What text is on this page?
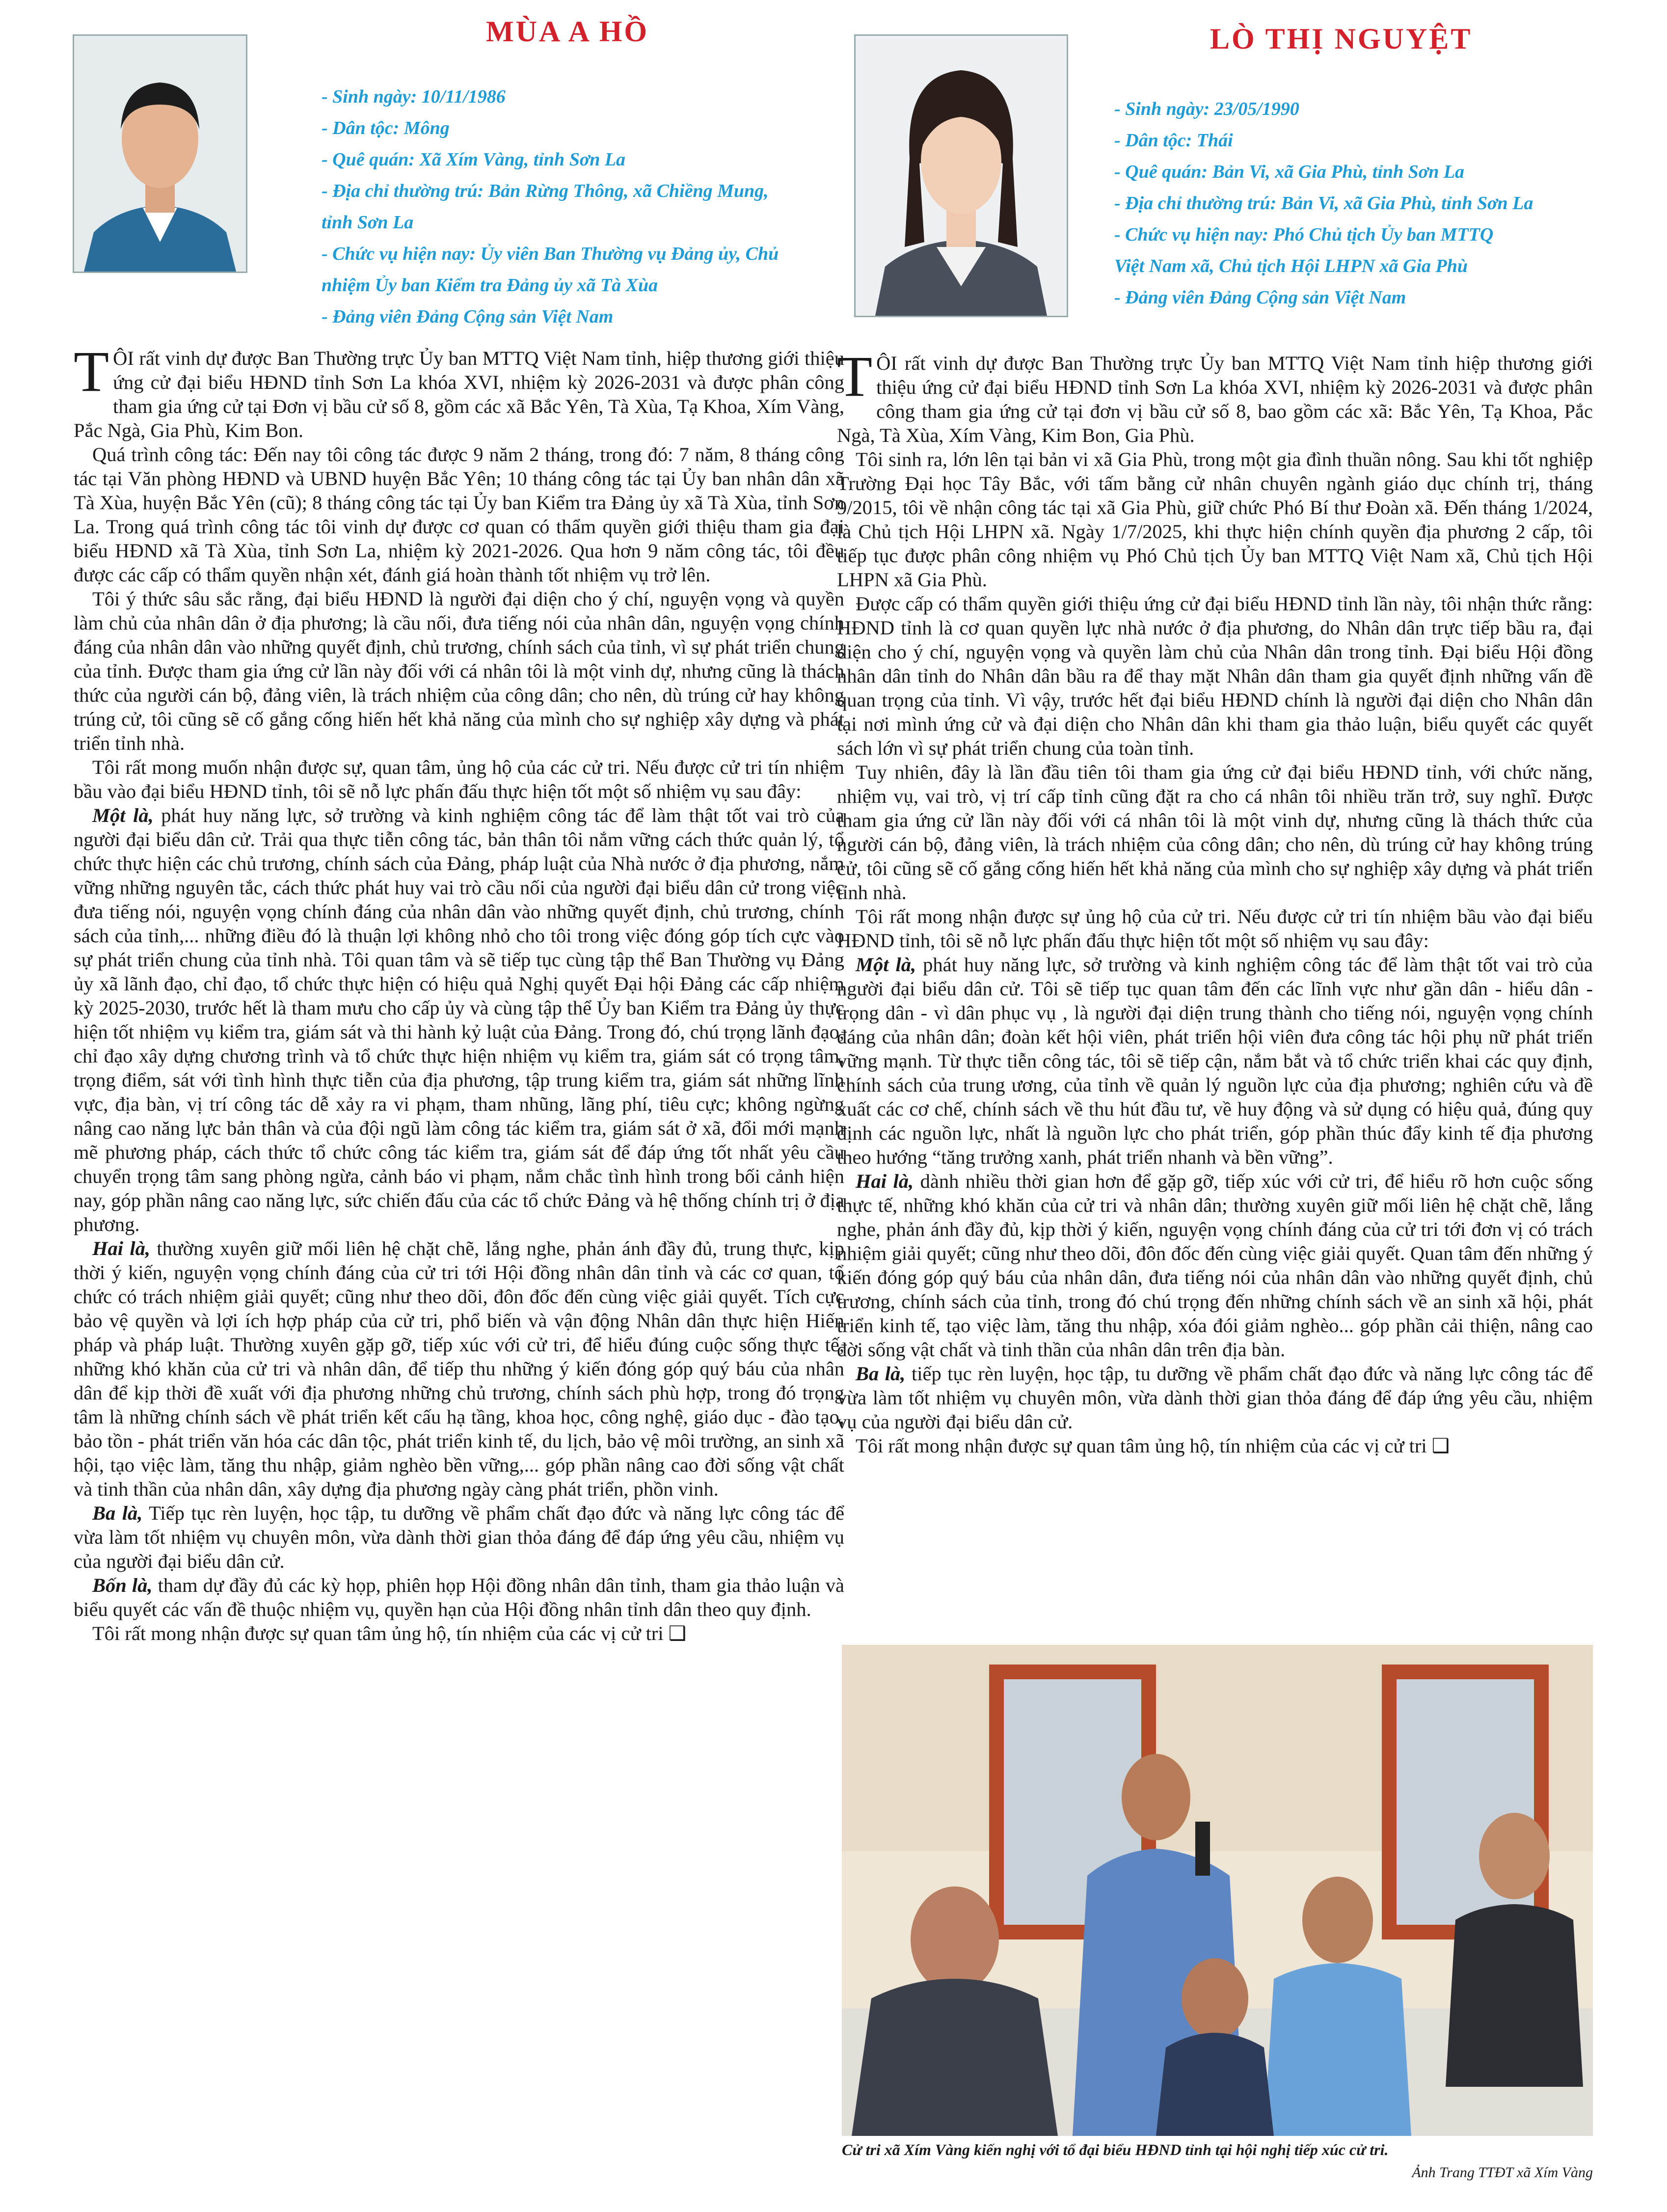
MÙA A HỒ
- Sinh ngày: 10/11/1986
- Dân tộc: Mông
- Quê quán: Xã Xím Vàng, tỉnh Sơn La
- Địa chỉ thường trú: Bản Rừng Thông, xã Chiềng Mung,
tỉnh Sơn La
- Chức vụ hiện nay: Ủy viên Ban Thường vụ Đảng ủy, Chủ
nhiệm Ủy ban Kiểm tra Đảng ủy xã Tà Xùa
- Đảng viên Đảng Cộng sản Việt Nam

TÔI rất vinh dự được Ban Thường trực Ủy ban MTTQ Việt Nam tỉnh, hiệp thương giới thiệu ứng cử đại biểu HĐND tỉnh Sơn La khóa XVI, nhiệm kỳ 2026-2031 và được phân công tham gia ứng cử tại Đơn vị bầu cử số 8, gồm các xã Bắc Yên, Tà Xùa, Tạ Khoa, Xím Vàng, Pắc Ngà, Gia Phù, Kim Bon.

Quá trình công tác: Đến nay tôi công tác được 9 năm 2 tháng, trong đó: 7 năm, 8 tháng công tác tại Văn phòng HĐND và UBND huyện Bắc Yên; 10 tháng công tác tại Ủy ban nhân dân xã Tà Xùa, huyện Bắc Yên (cũ); 8 tháng công tác tại Ủy ban Kiểm tra Đảng ủy xã Tà Xùa, tỉnh Sơn La. Trong quá trình công tác tôi vinh dự được cơ quan có thẩm quyền giới thiệu tham gia đại biểu HĐND xã Tà Xùa, tỉnh Sơn La, nhiệm kỳ 2021-2026. Qua hơn 9 năm công tác, tôi đều được các cấp có thẩm quyền nhận xét, đánh giá hoàn thành tốt nhiệm vụ trở lên.

Tôi ý thức sâu sắc rằng, đại biểu HĐND là người đại diện cho ý chí, nguyện vọng và quyền làm chủ của nhân dân ở địa phương; là cầu nối, đưa tiếng nói của nhân dân, nguyện vọng chính đáng của nhân dân vào những quyết định, chủ trương, chính sách của tỉnh, vì sự phát triển chung của tỉnh. Được tham gia ứng cử lần này đối với cá nhân tôi là một vinh dự, nhưng cũng là thách thức của người cán bộ, đảng viên, là trách nhiệm của công dân; cho nên, dù trúng cử hay không trúng cử, tôi cũng sẽ cố gắng cống hiến hết khả năng của mình cho sự nghiệp xây dựng và phát triển tỉnh nhà.

Tôi rất mong muốn nhận được sự, quan tâm, ủng hộ của các cử tri. Nếu được cử tri tín nhiệm bầu vào đại biểu HĐND tỉnh, tôi sẽ nỗ lực phấn đấu thực hiện tốt một số nhiệm vụ sau đây:

Một là, phát huy năng lực, sở trường và kinh nghiệm công tác để làm thật tốt vai trò của người đại biểu dân cử. Trải qua thực tiễn công tác, bản thân tôi nắm vững cách thức quản lý, tổ chức thực hiện các chủ trương, chính sách của Đảng, pháp luật của Nhà nước ở địa phương, nắm vững những nguyên tắc, cách thức phát huy vai trò cầu nối của người đại biểu dân cử trong việc đưa tiếng nói, nguyện vọng chính đáng của nhân dân vào những quyết định, chủ trương, chính sách của tỉnh,... những điều đó là thuận lợi không nhỏ cho tôi trong việc đóng góp tích cực vào sự phát triển chung của tỉnh nhà. Tôi quan tâm và sẽ tiếp tục cùng tập thể Ban Thường vụ Đảng ủy xã lãnh đạo, chỉ đạo, tổ chức thực hiện có hiệu quả Nghị quyết Đại hội Đảng các cấp nhiệm kỳ 2025-2030, trước hết là tham mưu cho cấp ủy và cùng tập thể Ủy ban Kiểm tra Đảng ủy thực hiện tốt nhiệm vụ kiểm tra, giám sát và thi hành kỷ luật của Đảng. Trong đó, chú trọng lãnh đạo, chỉ đạo xây dựng chương trình và tổ chức thực hiện nhiệm vụ kiểm tra, giám sát có trọng tâm, trọng điểm, sát với tình hình thực tiễn của địa phương, tập trung kiểm tra, giám sát những lĩnh vực, địa bàn, vị trí công tác dễ xảy ra vi phạm, tham nhũng, lãng phí, tiêu cực; không ngừng nâng cao năng lực bản thân và của đội ngũ làm công tác kiểm tra, giám sát ở xã, đổi mới mạnh mẽ phương pháp, cách thức tổ chức công tác kiểm tra, giám sát để đáp ứng tốt nhất yêu cầu chuyển trọng tâm sang phòng ngừa, cảnh báo vi phạm, nắm chắc tình hình trong bối cảnh hiện nay, góp phần nâng cao năng lực, sức chiến đấu của các tổ chức Đảng và hệ thống chính trị ở địa phương.

Hai là, thường xuyên giữ mối liên hệ chặt chẽ, lắng nghe, phản ánh đầy đủ, trung thực, kịp thời ý kiến, nguyện vọng chính đáng của cử tri tới Hội đồng nhân dân tỉnh và các cơ quan, tổ chức có trách nhiệm giải quyết; cũng như theo dõi, đôn đốc đến cùng việc giải quyết. Tích cực bảo vệ quyền và lợi ích hợp pháp của cử tri, phổ biến và vận động Nhân dân thực hiện Hiến pháp và pháp luật. Thường xuyên gặp gỡ, tiếp xúc với cử tri, để hiểu đúng cuộc sống thực tế, những khó khăn của cử tri và nhân dân, để tiếp thu những ý kiến đóng góp quý báu của nhân dân để kịp thời đề xuất với địa phương những chủ trương, chính sách phù hợp, trong đó trọng tâm là những chính sách về phát triển kết cấu hạ tầng, khoa học, công nghệ, giáo dục - đào tạo, bảo tồn - phát triển văn hóa các dân tộc, phát triển kinh tế, du lịch, bảo vệ môi trường, an sinh xã hội, tạo việc làm, tăng thu nhập, giảm nghèo bền vững,... góp phần nâng cao đời sống vật chất và tinh thần của nhân dân, xây dựng địa phương ngày càng phát triển, phồn vinh.

Ba là, Tiếp tục rèn luyện, học tập, tu dưỡng về phẩm chất đạo đức và năng lực công tác để vừa làm tốt nhiệm vụ chuyên môn, vừa dành thời gian thỏa đáng để đáp ứng yêu cầu, nhiệm vụ của người đại biểu dân cử.

Bốn là, tham dự đầy đủ các kỳ họp, phiên họp Hội đồng nhân dân tỉnh, tham gia thảo luận và biểu quyết các vấn đề thuộc nhiệm vụ, quyền hạn của Hội đồng nhân tỉnh dân theo quy định.

Tôi rất mong nhận được sự quan tâm ủng hộ, tín nhiệm của các vị cử tri ❑

LÒ THỊ NGUYỆT
- Sinh ngày: 23/05/1990
- Dân tộc: Thái
- Quê quán: Bản Vi, xã Gia Phù, tỉnh Sơn La
- Địa chỉ thường trú: Bản Vi, xã Gia Phù, tỉnh Sơn La
- Chức vụ hiện nay: Phó Chủ tịch Ủy ban MTTQ
Việt Nam xã, Chủ tịch Hội LHPN xã Gia Phù
- Đảng viên Đảng Cộng sản Việt Nam

TÔI rất vinh dự được Ban Thường trực Ủy ban MTTQ Việt Nam tỉnh hiệp thương giới thiệu ứng cử đại biểu HĐND tỉnh Sơn La khóa XVI, nhiệm kỳ 2026-2031 và được phân công tham gia ứng cử tại đơn vị bầu cử số 8, bao gồm các xã: Bắc Yên, Tạ Khoa, Pắc Ngà, Tà Xùa, Xím Vàng, Kim Bon, Gia Phù.

Tôi sinh ra, lớn lên tại bản vi xã Gia Phù, trong một gia đình thuần nông. Sau khi tốt nghiệp Trường Đại học Tây Bắc, với tấm bằng cử nhân chuyên ngành giáo dục chính trị, tháng 9/2015, tôi về nhận công tác tại xã Gia Phù, giữ chức Phó Bí thư Đoàn xã. Đến tháng 1/2024, là Chủ tịch Hội LHPN xã. Ngày 1/7/2025, khi thực hiện chính quyền địa phương 2 cấp, tôi tiếp tục được phân công nhiệm vụ Phó Chủ tịch Ủy ban MTTQ Việt Nam xã, Chủ tịch Hội LHPN xã Gia Phù.

Được cấp có thẩm quyền giới thiệu ứng cử đại biểu HĐND tỉnh lần này, tôi nhận thức rằng: HĐND tỉnh là cơ quan quyền lực nhà nước ở địa phương, do Nhân dân trực tiếp bầu ra, đại diện cho ý chí, nguyện vọng và quyền làm chủ của Nhân dân trong tỉnh. Đại biểu Hội đồng nhân dân tỉnh do Nhân dân bầu ra để thay mặt Nhân dân tham gia quyết định những vấn đề quan trọng của tỉnh. Vì vậy, trước hết đại biểu HĐND chính là người đại diện cho Nhân dân tại nơi mình ứng cử và đại diện cho Nhân dân khi tham gia thảo luận, biểu quyết các quyết sách lớn vì sự phát triển chung của toàn tỉnh.

Tuy nhiên, đây là lần đầu tiên tôi tham gia ứng cử đại biểu HĐND tỉnh, với chức năng, nhiệm vụ, vai trò, vị trí cấp tỉnh cũng đặt ra cho cá nhân tôi nhiều trăn trở, suy nghĩ. Được tham gia ứng cử lần này đối với cá nhân tôi là một vinh dự, nhưng cũng là thách thức của người cán bộ, đảng viên, là trách nhiệm của công dân; cho nên, dù trúng cử hay không trúng cử, tôi cũng sẽ cố gắng cống hiến hết khả năng của mình cho sự nghiệp xây dựng và phát triển tỉnh nhà.

Tôi rất mong nhận được sự ủng hộ của cử tri. Nếu được cử tri tín nhiệm bầu vào đại biểu HĐND tỉnh, tôi sẽ nỗ lực phấn đấu thực hiện tốt một số nhiệm vụ sau đây:

Một là, phát huy năng lực, sở trường và kinh nghiệm công tác để làm thật tốt vai trò của người đại biểu dân cử. Tôi sẽ tiếp tục quan tâm đến các lĩnh vực như gần dân - hiểu dân - trọng dân - vì dân phục vụ , là người đại diện trung thành cho tiếng nói, nguyện vọng chính đáng của nhân dân; đoàn kết hội viên, phát triển hội viên đưa công tác hội phụ nữ phát triển vững mạnh. Từ thực tiễn công tác, tôi sẽ tiếp cận, nắm bắt và tổ chức triển khai các quy định, chính sách của trung ương, của tỉnh về quản lý nguồn lực của địa phương; nghiên cứu và đề xuất các cơ chế, chính sách về thu hút đầu tư, về huy động và sử dụng có hiệu quả, đúng quy định các nguồn lực, nhất là nguồn lực cho phát triển, góp phần thúc đẩy kinh tế địa phương theo hướng “tăng trưởng xanh, phát triển nhanh và bền vững”.

Hai là, dành nhiều thời gian hơn để gặp gỡ, tiếp xúc với cử tri, để hiểu rõ hơn cuộc sống thực tế, những khó khăn của cử tri và nhân dân; thường xuyên giữ mối liên hệ chặt chẽ, lắng nghe, phản ánh đầy đủ, kịp thời ý kiến, nguyện vọng chính đáng của cử tri tới đơn vị có trách nhiệm giải quyết; cũng như theo dõi, đôn đốc đến cùng việc giải quyết. Quan tâm đến những ý kiến đóng góp quý báu của nhân dân, đưa tiếng nói của nhân dân vào những quyết định, chủ trương, chính sách của tỉnh, trong đó chú trọng đến những chính sách về an sinh xã hội, phát triển kinh tế, tạo việc làm, tăng thu nhập, xóa đói giảm nghèo... góp phần cải thiện, nâng cao đời sống vật chất và tinh thần của nhân dân trên địa bàn.

Ba là, tiếp tục rèn luyện, học tập, tu dưỡng về phẩm chất đạo đức và năng lực công tác để vừa làm tốt nhiệm vụ chuyên môn, vừa dành thời gian thỏa đáng để đáp ứng yêu cầu, nhiệm vụ của người đại biểu dân cử.

Tôi rất mong nhận được sự quan tâm ủng hộ, tín nhiệm của các vị cử tri ❑

Cử tri xã Xím Vàng kiến nghị với tổ đại biểu HĐND tỉnh tại hội nghị tiếp xúc cử tri.
Ảnh Trang TTĐT xã Xím Vàng
